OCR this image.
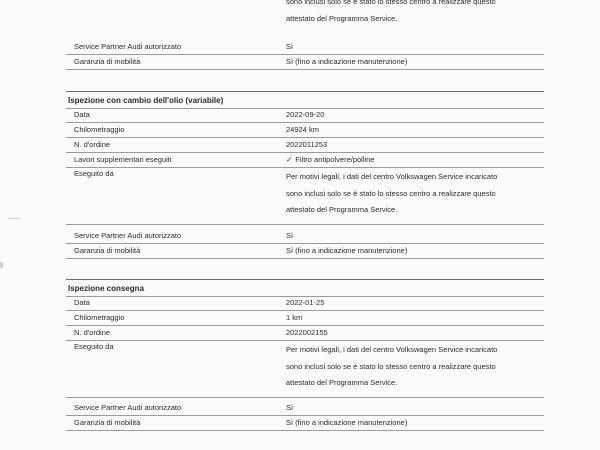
sono inclusi solo se è stato lo stesso centro a realizzare questo
attestato del Programma Service.
Service Partner Audi autorizzato	Sì
Garanzia di mobilità	Sì (fino a indicazione manutenzione)
Ispezione con cambio dell'olio (variabile)
Data	2022-09-20
Chilometraggio	24924 km
N. d'ordine	2022011253
Lavori supplementari eseguiti	✓ Filtro antipolvere/polline
Eseguito da	Per motivi legali, i dati del centro Volkswagen Service incaricato
sono inclusi solo se è stato lo stesso centro a realizzare questo
attestato del Programma Service.
Service Partner Audi autorizzato	Sì
Garanzia di mobilità	Sì (fino a indicazione manutenzione)
Ispezione consegna
Data	2022-01-25
Chilometraggio	1 km
N. d'ordine	2022002155
Eseguito da	Per motivi legali, i dati del centro Volkswagen Service incaricato
sono inclusi solo se è stato lo stesso centro a realizzare questo
attestato del Programma Service.
Service Partner Audi autorizzato	Sì
Garanzia di mobilità	Sì (fino a indicazione manutenzione)
